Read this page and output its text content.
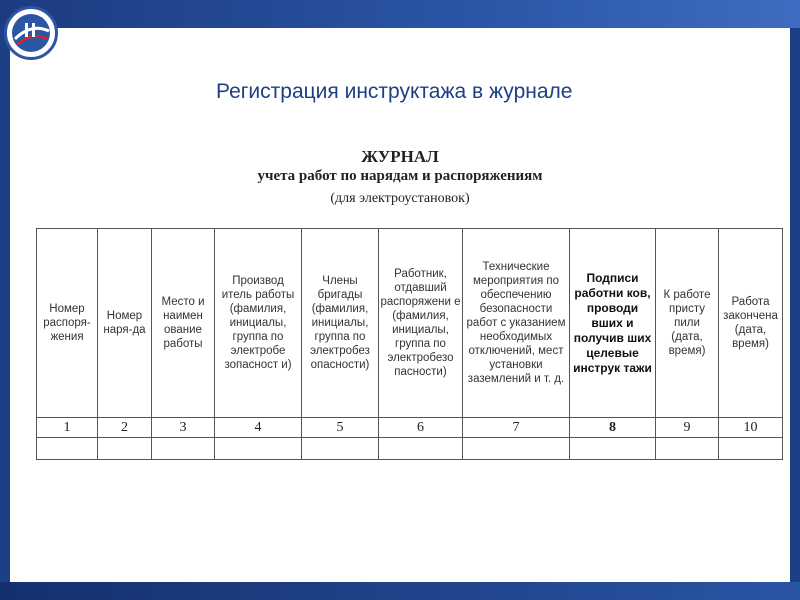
Регистрация инструктажа в журнале
ЖУРНАЛ
учета работ по нарядам и распоряжениям
(для электроустановок)
Номер распоря-жения	Номер наря-да	Место и наимен ование работы	Производ итель работы (фамилия, инициалы, группа по электробе зопасност и)	Члены бригады (фамилия, инициалы, группа по электробез опасности)	Работник, отдавший распоряжени е (фамилия, инициалы, группа по электробезо пасности)	Технические мероприятия по обеспечению безопасности работ с указанием необходимых отключений, мест установки заземлений и т. д.	Подписи работни ков, проводи вших и получив ших целевые инструк тажи	К работе присту пили (дата, время)	Работа закончена (дата, время)
1	2	3	4	5	6	7	8	9	10
